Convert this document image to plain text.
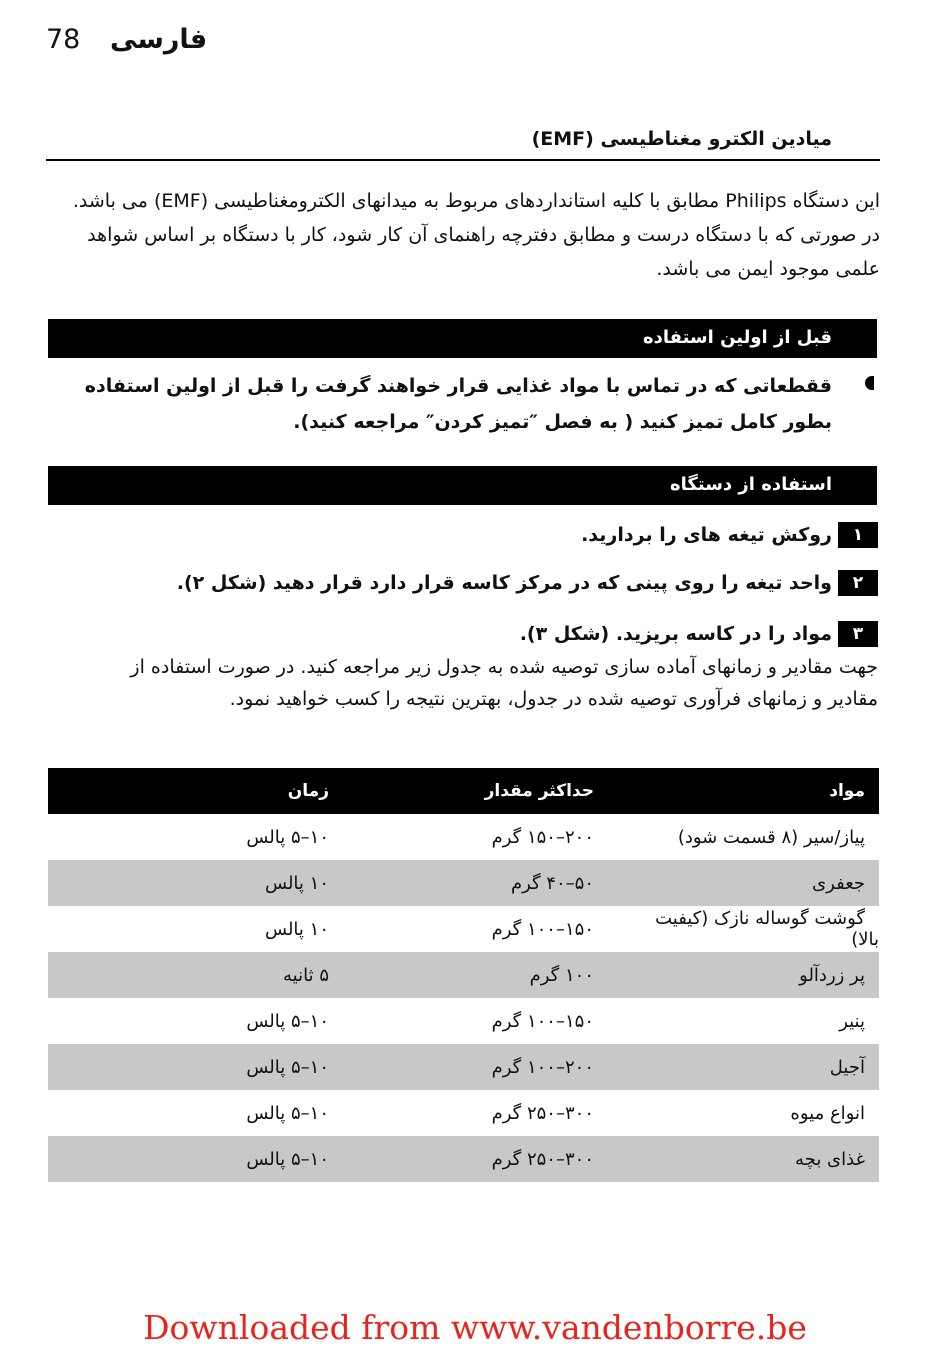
78 فارسی
میادین الکترو مغناطیسی (EMF)
این دستگاه Philips مطابق با کلیه استانداردهای مربوط به میدانهای الکترومغناطیسی (EMF) می باشد. در صورتی که با دستگاه درست و مطابق دفترچه راهنمای آن کار شود، کار با دستگاه بر اساس شواهد علمی موجود ایمن می باشد.
قبل از اولین استفاده
ققطعاتی که در تماس با مواد غذایی قرار خواهند گرفت را قبل از اولین استفاده بطور کامل تمیز کنید ( به فصل ″تمیز کردن″ مراجعه کنید).
استفاده از دستگاه
۱
روکش تیغه های را بردارید.
۲
واحد تیغه را روی پینی که در مرکز کاسه قرار دارد قرار دهید (شکل ۲).
۳
مواد را در کاسه بریزید. (شکل ۳).
جهت مقادیر و زمانهای آماده سازی توصیه شده به جدول زیر مراجعه کنید. در صورت استفاده از مقادیر و زمانهای فرآوری توصیه شده در جدول، بهترین نتیجه را کسب خواهید نمود.
مواد	حداکثر مقدار	زمان
پیاز/سیر (۸ قسمت شود)	۲۰۰–۱۵۰ گرم	۱۰–۵ پالس
جعفری	۵۰–۴۰ گرم	۱۰ پالس
گوشت گوساله نازک (کیفیت بالا)	۱۵۰–۱۰۰ گرم	۱۰ پالس
پر زردآلو	۱۰۰ گرم	۵ ثانیه
پنیر	۱۵۰–۱۰۰ گرم	۱۰–۵ پالس
آجیل	۲۰۰–۱۰۰ گرم	۱۰–۵ پالس
انواع میوه	۳۰۰–۲۵۰ گرم	۱۰–۵ پالس
غذای بچه	۳۰۰–۲۵۰ گرم	۱۰–۵ پالس
Downloaded from www.vandenborre.be
